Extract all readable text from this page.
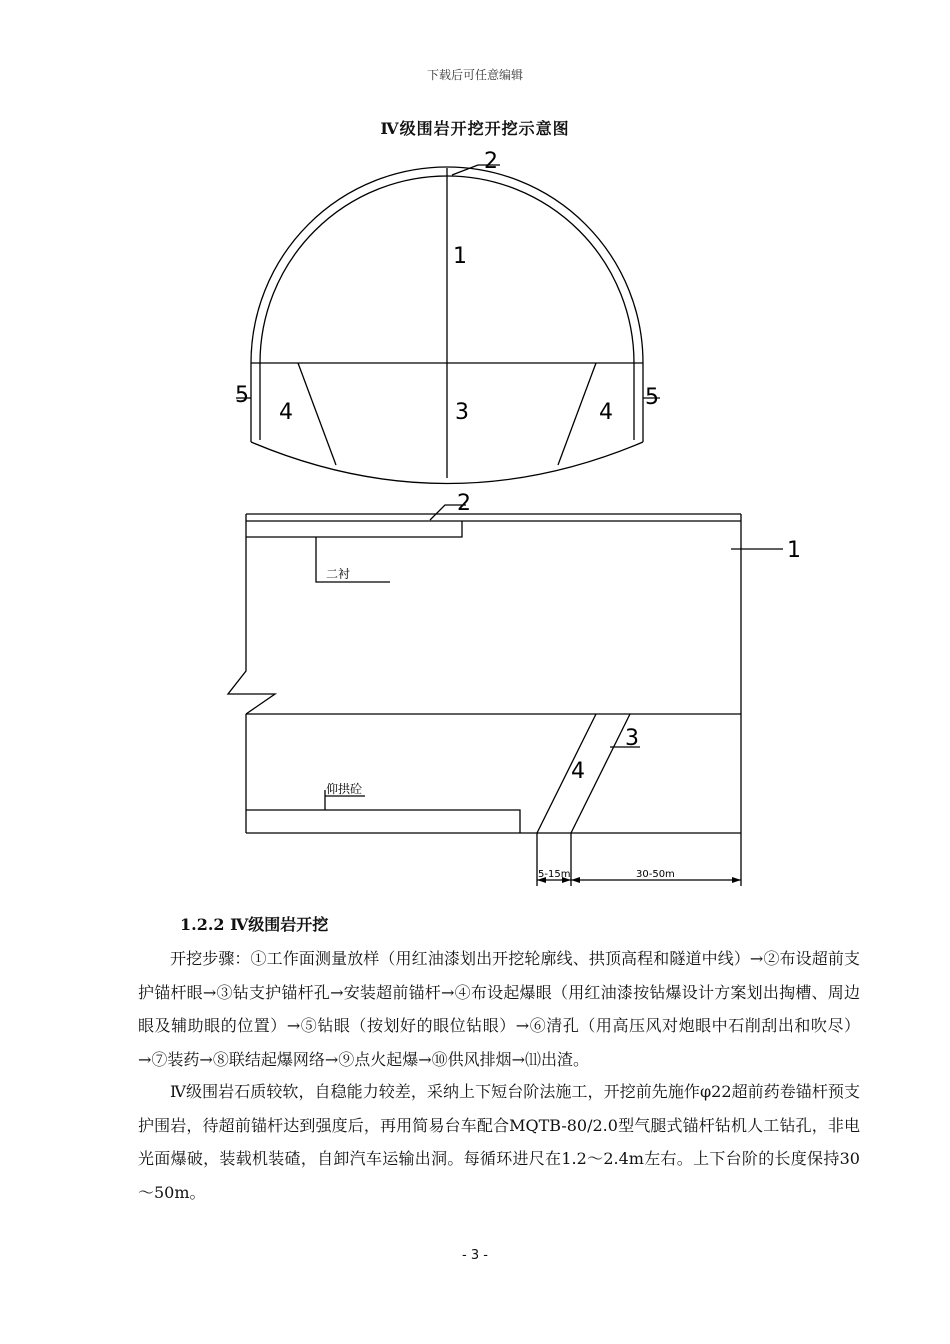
下载后可任意编辑
Ⅳ级围岩开挖开挖示意图
2
1
3
4	4
5	5
2
1
二衬
3
4
仰拱砼
5-15m	30-50m
1.2.2 Ⅳ级围岩开挖

开挖步骤：①工作面测量放样（用红油漆划出开挖轮廓线、拱顶高程和隧道中线）→②布设超前支护锚杆眼→③钻支护锚杆孔→安装超前锚杆→④布设起爆眼（用红油漆按钻爆设计方案划出掏槽、周边眼及辅助眼的位置）→⑤钻眼（按划好的眼位钻眼）→⑥清孔（用高压风对炮眼中石削刮出和吹尽）→⑦装药→⑧联结起爆网络→⑨点火起爆→⑩供风排烟→⑾出渣。

Ⅳ级围岩石质较软，自稳能力较差，采纳上下短台阶法施工，开挖前先施作φ22超前药卷锚杆预支护围岩，待超前锚杆达到强度后，再用简易台车配合MQTB-80/2.0型气腿式锚杆钻机人工钻孔，非电光面爆破，装载机装碴，自卸汽车运输出洞。每循环进尺在1.2～2.4m左右。上下台阶的长度保持30～50m。

- 3 -
